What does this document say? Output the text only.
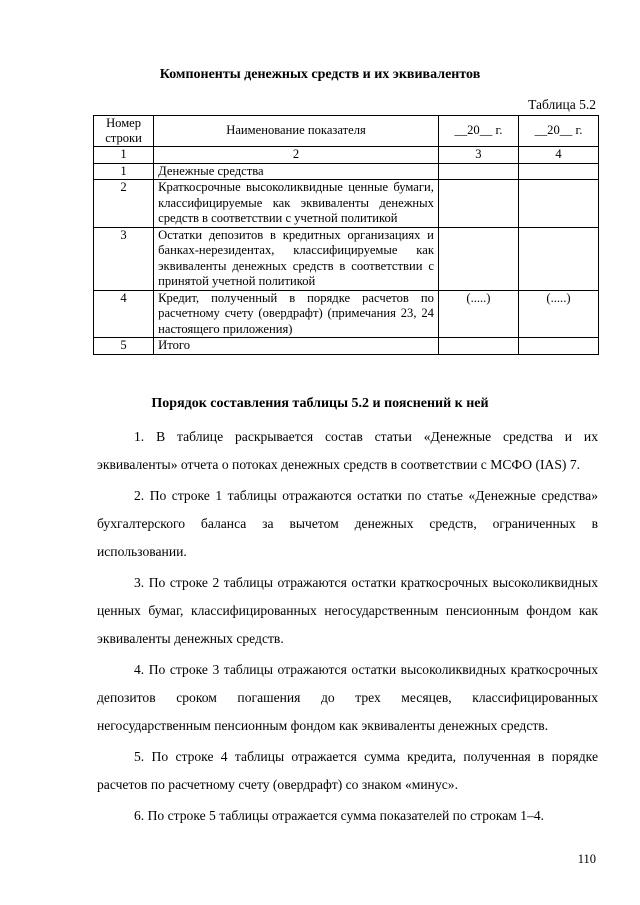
Компоненты денежных средств и их эквивалентов
Таблица 5.2
Номер строки	Наименование показателя	__20__ г.	__20__ г.
1	2	3	4
1	Денежные средства		
2	Краткосрочные высоколиквидные ценные бумаги, классифицируемые как эквиваленты денежных средств в соответствии с учетной политикой		
3	Остатки депозитов в кредитных организациях и банках-нерезидентах, классифицируемые как эквиваленты денежных средств в соответствии с принятой учетной политикой		
4	Кредит, полученный в порядке расчетов по расчетному счету (овердрафт) (примечания 23, 24 настоящего приложения)	(.....)	(.....)
5	Итого		
Порядок составления таблицы 5.2 и пояснений к ней

1. В таблице раскрывается состав статьи «Денежные средства и их эквиваленты» отчета о потоках денежных средств в соответствии с МСФО (IAS) 7.

2. По строке 1 таблицы отражаются остатки по статье «Денежные средства» бухгалтерского баланса за вычетом денежных средств, ограниченных в использовании.

3. По строке 2 таблицы отражаются остатки краткосрочных высоколиквидных ценных бумаг, классифицированных негосударственным пенсионным фондом как эквиваленты денежных средств.

4. По строке 3 таблицы отражаются остатки высоколиквидных краткосрочных депозитов сроком погашения до трех месяцев, классифицированных негосударственным пенсионным фондом как эквиваленты денежных средств.

5. По строке 4 таблицы отражается сумма кредита, полученная в порядке расчетов по расчетному счету (овердрафт) со знаком «минус».

6. По строке 5 таблицы отражается сумма показателей по строкам 1–4.

110
